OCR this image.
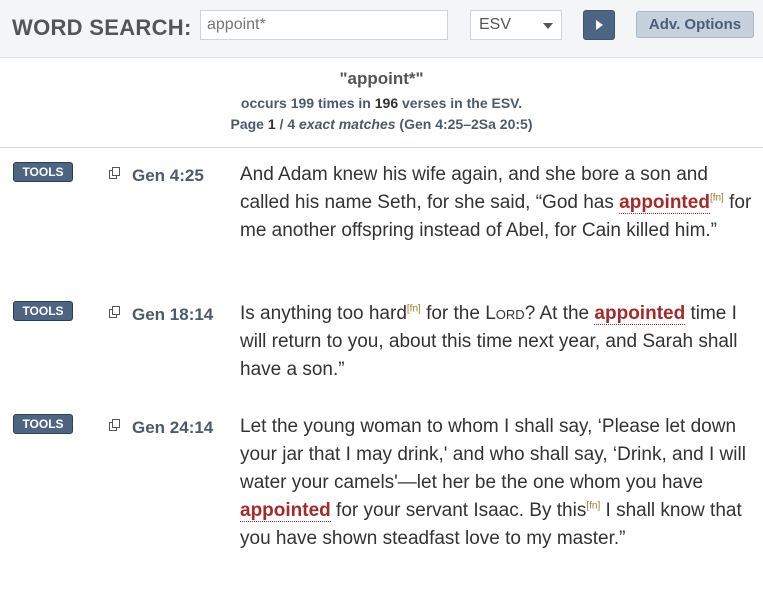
WORD SEARCH:
appoint*	ESV	Adv. Options
"appoint*"
occurs 199 times in 196 verses in the ESV.
Page 1 / 4 exact matches (Gen 4:25–2Sa 20:5)
TOOLS	Gen 4:25 And Adam knew his wife again, and she bore a son and called his name Seth, for she said, “God has appointed[fn] for me another offspring instead of Abel, for Cain killed him.”

TOOLS	Gen 18:14 Is anything too hard[fn] for the Lord? At the appointed time I will return to you, about this time next year, and Sarah shall have a son.”

TOOLS	Gen 24:14 Let the young woman to whom I shall say, ‘Please let down your jar that I may drink,' and who shall say, ‘Drink, and I will water your camels'—let her be the one whom you have appointed for your servant Isaac. By this[fn] I shall know that you have shown steadfast love to my master.”
